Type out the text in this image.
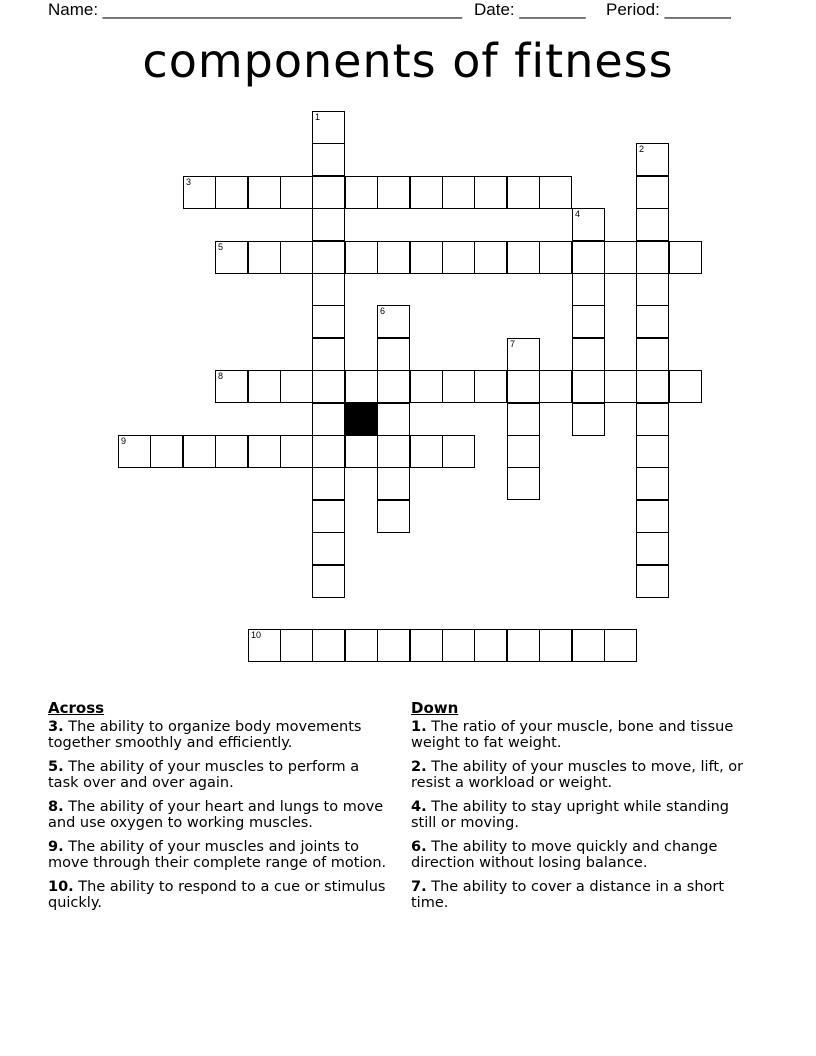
Name: ______________________________________ Date: _______ Period: _______
components of fitness
1
2
3
4
5
6
7
8
9
10
Across
3. The ability to organize body movements together smoothly and efficiently.
5. The ability of your muscles to perform a task over and over again.
8. The ability of your heart and lungs to move and use oxygen to working muscles.
9. The ability of your muscles and joints to move through their complete range of motion.
10. The ability to respond to a cue or stimulus quickly.
Down
1. The ratio of your muscle, bone and tissue weight to fat weight.
2. The ability of your muscles to move, lift, or resist a workload or weight.
4. The ability to stay upright while standing still or moving.
6. The ability to move quickly and change direction without losing balance.
7. The ability to cover a distance in a short time.
